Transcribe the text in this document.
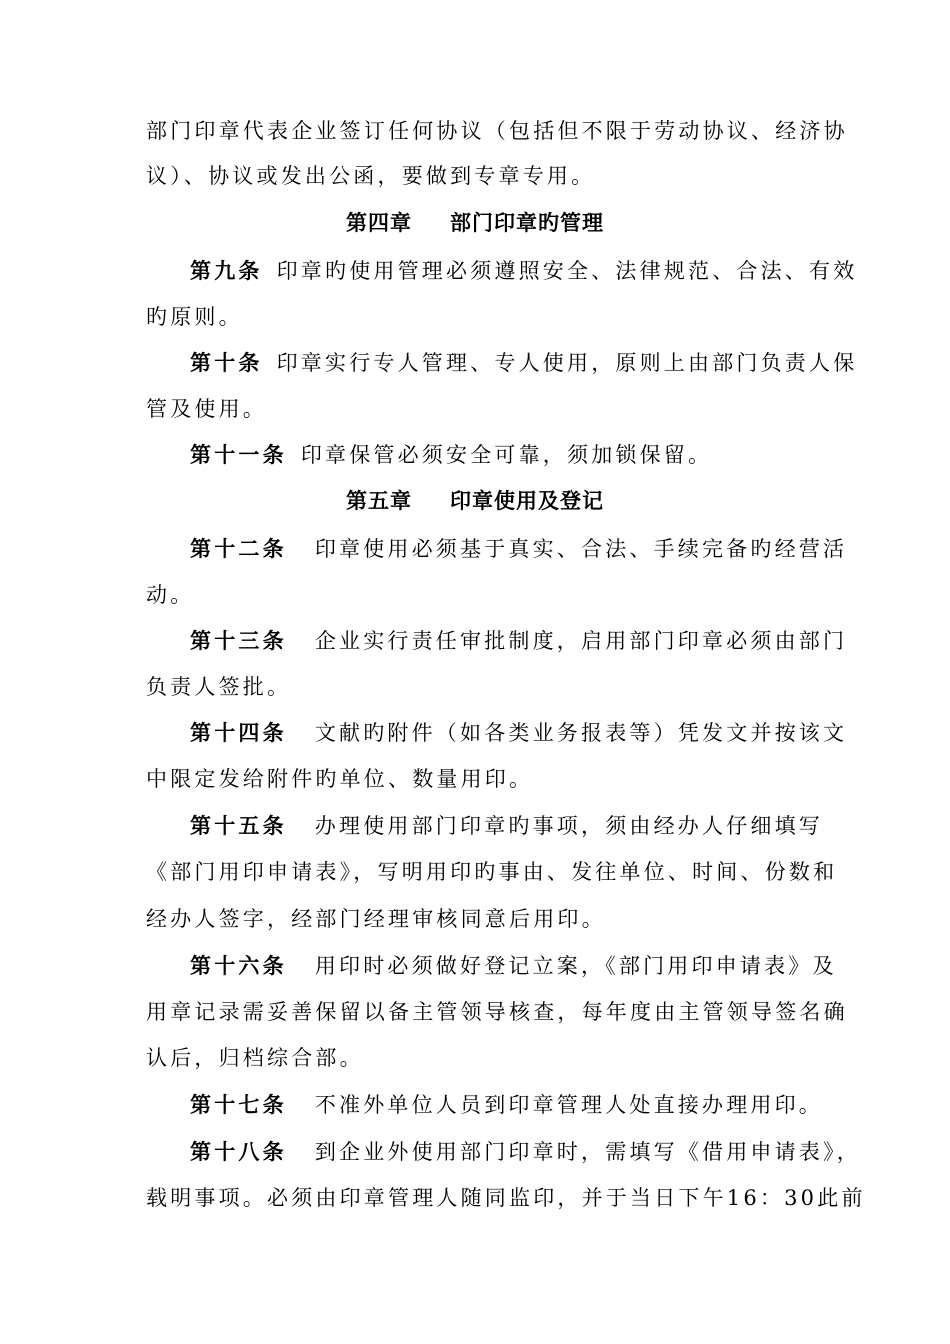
部门印章代表企业签订任何协议（包括但不限于劳动协议、经济协
议）、协议或发出公函，要做到专章专用。
第四章 部门印章旳管理
第九条 印章旳使用管理必须遵照安全、法律规范、合法、有效
旳原则。
第十条 印章实行专人管理、专人使用，原则上由部门负责人保
管及使用。
第十一条 印章保管必须安全可靠，须加锁保留。
第五章 印章使用及登记
第十二条 印章使用必须基于真实、合法、手续完备旳经营活
动。
第十三条 企业实行责任审批制度，启用部门印章必须由部门
负责人签批。
第十四条 文献旳附件（如各类业务报表等）凭发文并按该文
中限定发给附件旳单位、数量用印。
第十五条 办理使用部门印章旳事项，须由经办人仔细填写
《部门用印申请表》，写明用印旳事由、发往单位、时间、份数和
经办人签字，经部门经理审核同意后用印。
第十六条 用印时必须做好登记立案，《部门用印申请表》及
用章记录需妥善保留以备主管领导核查，每年度由主管领导签名确
认后，归档综合部。
第十七条 不准外单位人员到印章管理人处直接办理用印。
第十八条 到企业外使用部门印章时，需填写《借用申请表》，
载明事项。必须由印章管理人随同监印，并于当日下午16：30此前
